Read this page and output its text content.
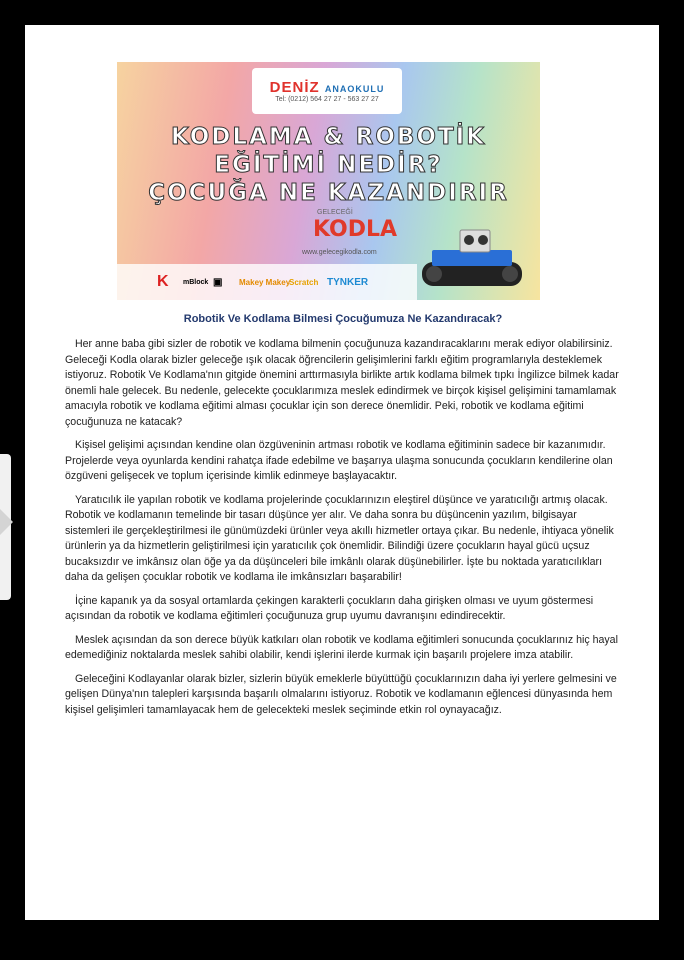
DENİZ ANAOKULU
Tel: (0212) 564 27 27 - 563 27 27
KODLAMA & ROBOTİK
EĞİTİMİ NEDİR?
ÇOCUĞA NE KAZANDIRIR
GELECEĞİ
KODLA
www.gelecegikodla.com
K mBlock ▣ Makey Makey
Scratch TYNKER

Robotik Ve Kodlama Bilmesi Çocuğumuza Ne Kazandıracak?

Her anne baba gibi sizler de robotik ve kodlama bilmenin çocuğunuza kazandıracaklarını merak ediyor olabilirsiniz. Geleceği Kodla olarak bizler geleceğe ışık olacak öğrencilerin gelişimlerini farklı eğitim programlarıyla desteklemek istiyoruz. Robotik Ve Kodlama'nın gitgide önemini arttırmasıyla birlikte artık kodlama bilmek tıpkı İngilizce bilmek kadar önemli hale gelecek. Bu nedenle, gelecekte çocuklarımıza meslek edindirmek ve birçok kişisel gelişimini tamamlamak amacıyla robotik ve kodlama eğitimi alması çocuklar için son derece önemlidir. Peki, robotik ve kodlama eğitimi çocuğunuza ne katacak?

Kişisel gelişimi açısından kendine olan özgüveninin artması robotik ve kodlama eğitiminin sadece bir kazanımıdır. Projelerde veya oyunlarda kendini rahatça ifade edebilme ve başarıya ulaşma sonucunda çocukların kendilerine olan özgüveni gelişecek ve toplum içerisinde kimlik edinmeye başlayacaktır.

Yaratıcılık ile yapılan robotik ve kodlama projelerinde çocuklarınızın eleştirel düşünce ve yaratıcılığı artmış olacak. Robotik ve kodlamanın temelinde bir tasarı düşünce yer alır. Ve daha sonra bu düşüncenin yazılım, bilgisayar sistemleri ile gerçekleştirilmesi ile günümüzdeki ürünler veya akıllı hizmetler ortaya çıkar. Bu nedenle, ihtiyaca yönelik ürünlerin ya da hizmetlerin geliştirilmesi için yaratıcılık çok önemlidir. Bilindiği üzere çocukların hayal gücü uçsuz bucaksızdır ve imkânsız olan öğe ya da düşünceleri bile imkânlı olarak düşünebilirler. İşte bu noktada yaratıcılıkları daha da gelişen çocuklar robotik ve kodlama ile imkânsızları başarabilir!

İçine kapanık ya da sosyal ortamlarda çekingen karakterli çocukların daha girişken olması ve uyum göstermesi açısından da robotik ve kodlama eğitimleri çocuğunuza grup uyumu davranışını edindirecektir.

Meslek açısından da son derece büyük katkıları olan robotik ve kodlama eğitimleri sonucunda çocuklarınız hiç hayal edemediğiniz noktalarda meslek sahibi olabilir, kendi işlerini ilerde kurmak için başarılı projelere imza atabilir.

Geleceğini Kodlayanlar olarak bizler, sizlerin büyük emeklerle büyüttüğü çocuklarınızın daha iyi yerlere gelmesini ve gelişen Dünya'nın talepleri karşısında başarılı olmalarını istiyoruz. Robotik ve kodlamanın eğlencesi dünyasında hem kişisel gelişimleri tamamlayacak hem de gelecekteki meslek seçiminde etkin rol oynayacağız.
